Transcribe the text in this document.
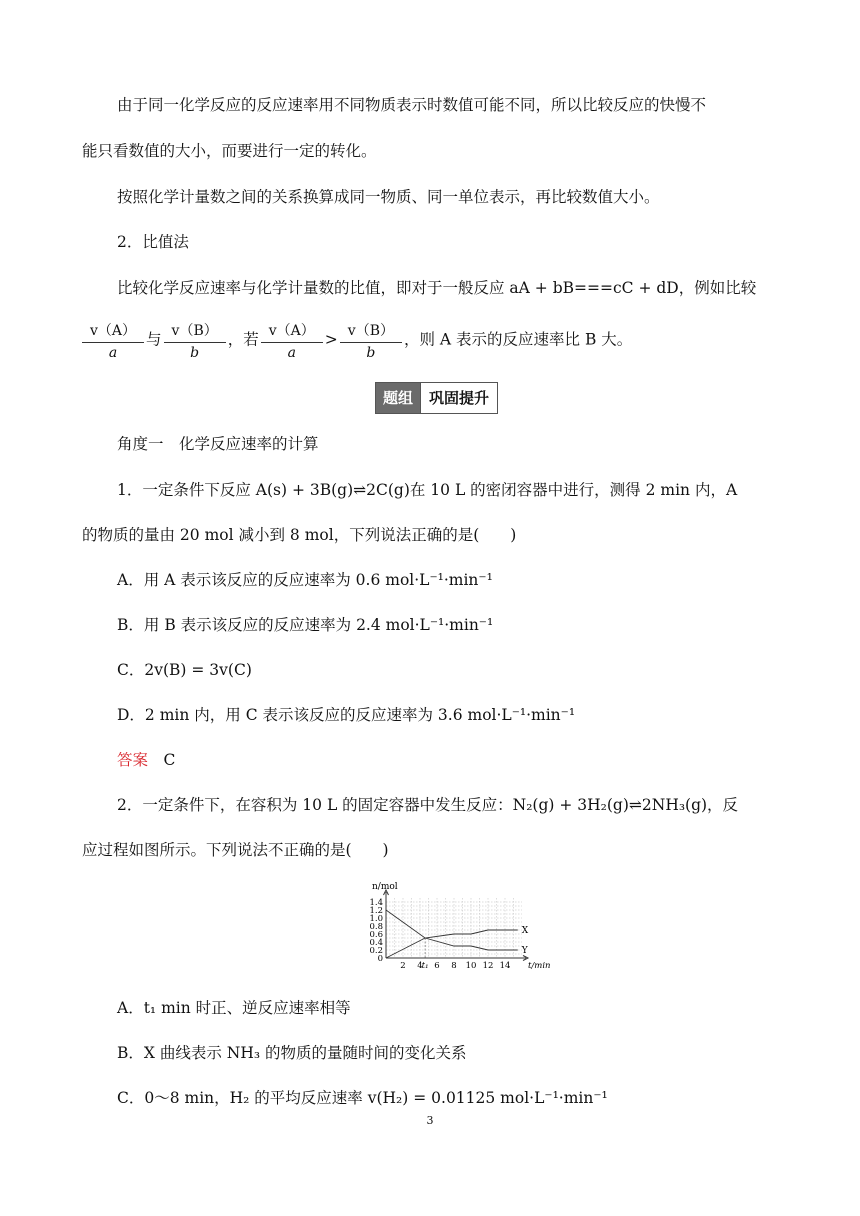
由于同一化学反应的反应速率用不同物质表示时数值可能不同，所以比较反应的快慢不
能只看数值的大小，而要进行一定的转化。
按照化学计量数之间的关系换算成同一物质、同一单位表示，再比较数值大小。
2．比值法
比较化学反应速率与化学计量数的比值，即对于一般反应 aA + bB===cC + dD，例如比较
$\frac{v(A)}{a}$ 与 $\frac{v(B)}{b}$ ，若 $\frac{v(A)}{a} > \frac{v(B)}{b}$ ，则 A 表示的反应速率比 B 大。
题组	巩固提升
角度一　化学反应速率的计算
1．一定条件下反应 A(s) + 3B(g)⇌2C(g)在 10 L 的密闭容器中进行，测得 2 min 内，A
的物质的量由 20 mol 减小到 8 mol，下列说法正确的是(　　)
A．用 A 表示该反应的反应速率为 0.6 mol·L⁻¹·min⁻¹
B．用 B 表示该反应的反应速率为 2.4 mol·L⁻¹·min⁻¹
C．2v(B) = 3v(C)
D．2 min 内，用 C 表示该反应的反应速率为 3.6 mol·L⁻¹·min⁻¹
答案　 C
2．一定条件下，在容积为 10 L 的固定容器中发生反应：N₂(g) + 3H₂(g)⇌2NH₃(g)，反
应过程如图所示。下列说法不正确的是(　　)
n/mol
1.4
1.2
1.0
0.8
0.6
0.4
0.2
0
2 4
t₁ 6 8 10 12 14 t/min
X
Y
A．t₁ min 时正、逆反应速率相等
B．X 曲线表示 NH₃ 的物质的量随时间的变化关系
C．0～8 min，H₂ 的平均反应速率 v(H₂) = 0.01125 mol·L⁻¹·min⁻¹
3
